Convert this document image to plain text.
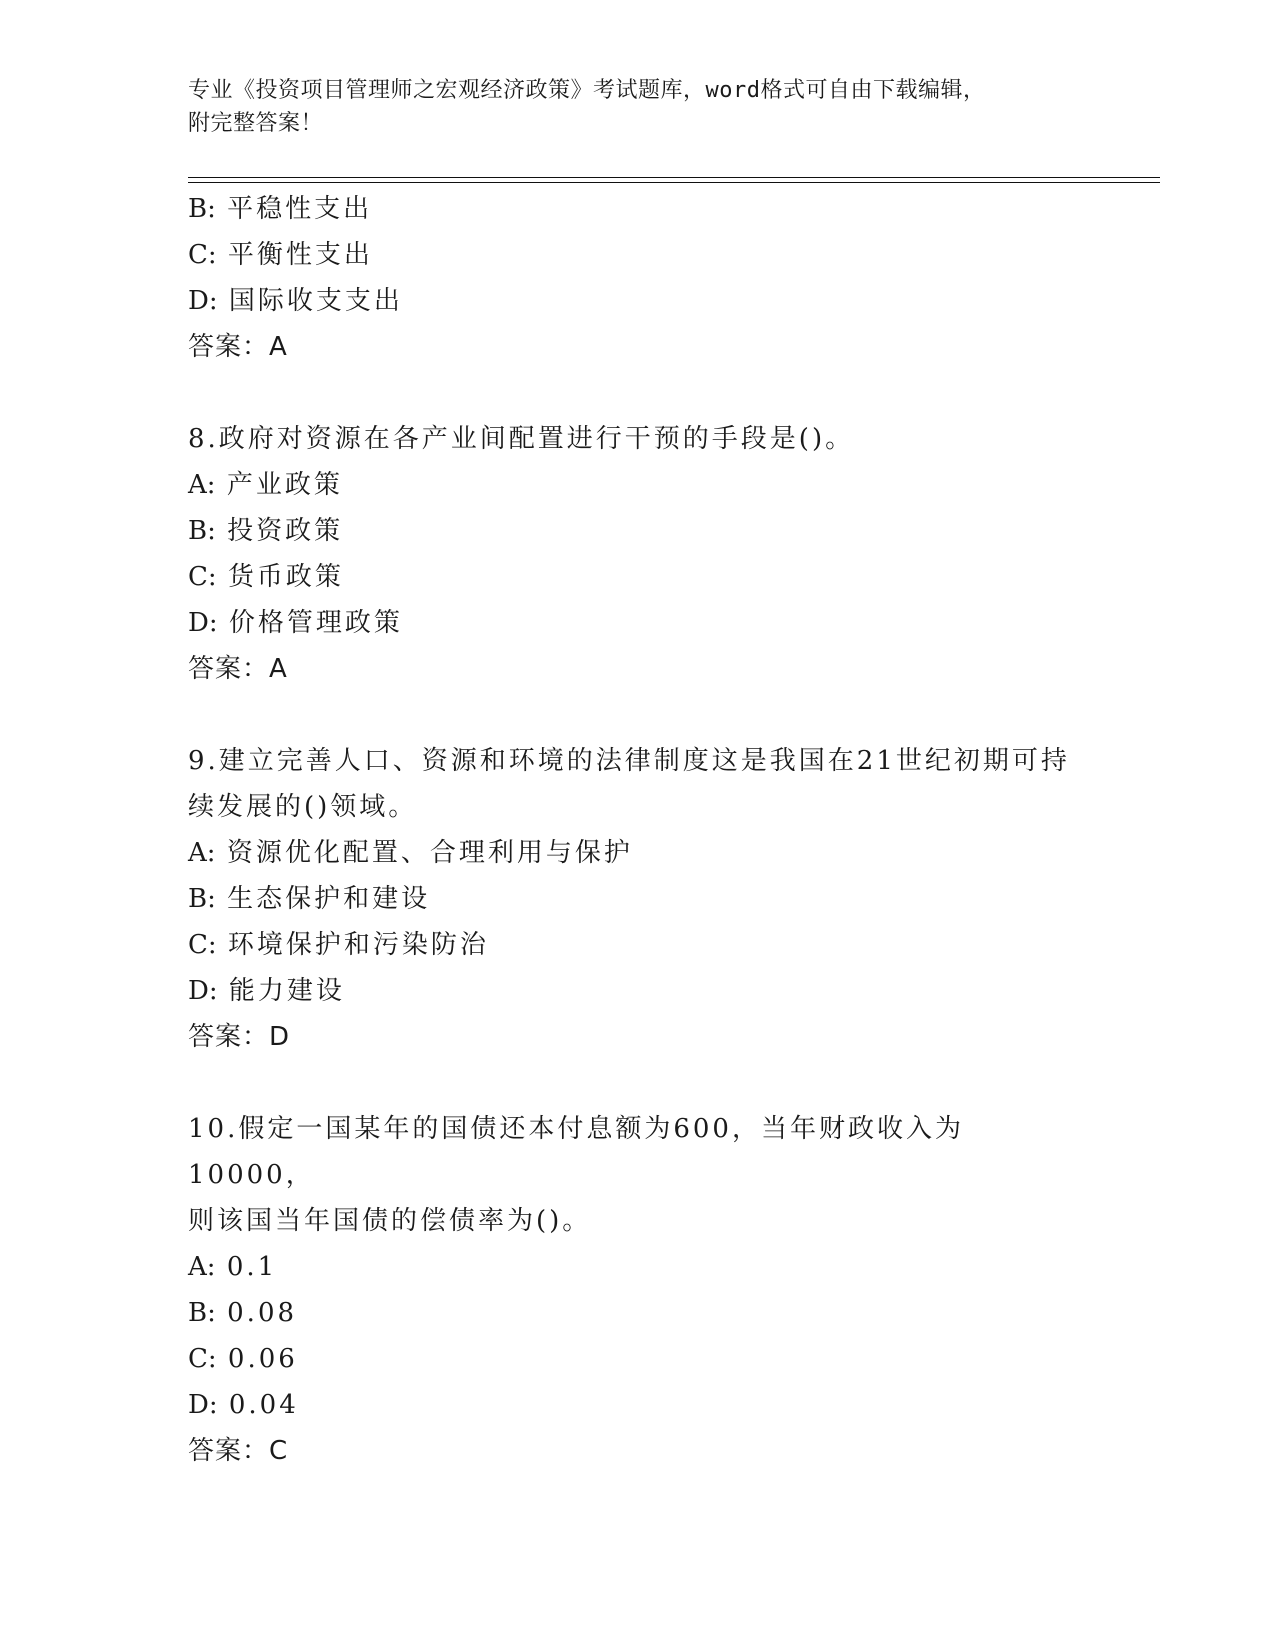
专业《投资项目管理师之宏观经济政策》考试题库，word格式可自由下载编辑，
附完整答案！
B: 平稳性支出
C: 平衡性支出
D: 国际收支支出
答案：A
8.政府对资源在各产业间配置进行干预的手段是()。
A: 产业政策
B: 投资政策
C: 货币政策
D: 价格管理政策
答案：A
9.建立完善人口、资源和环境的法律制度这是我国在21世纪初期可持
续发展的()领域。
A: 资源优化配置、合理利用与保护
B: 生态保护和建设
C: 环境保护和污染防治
D: 能力建设
答案：D
10.假定一国某年的国债还本付息额为600，当年财政收入为10000，
则该国当年国债的偿债率为()。
A: 0.1
B: 0.08
C: 0.06
D: 0.04
答案：C
